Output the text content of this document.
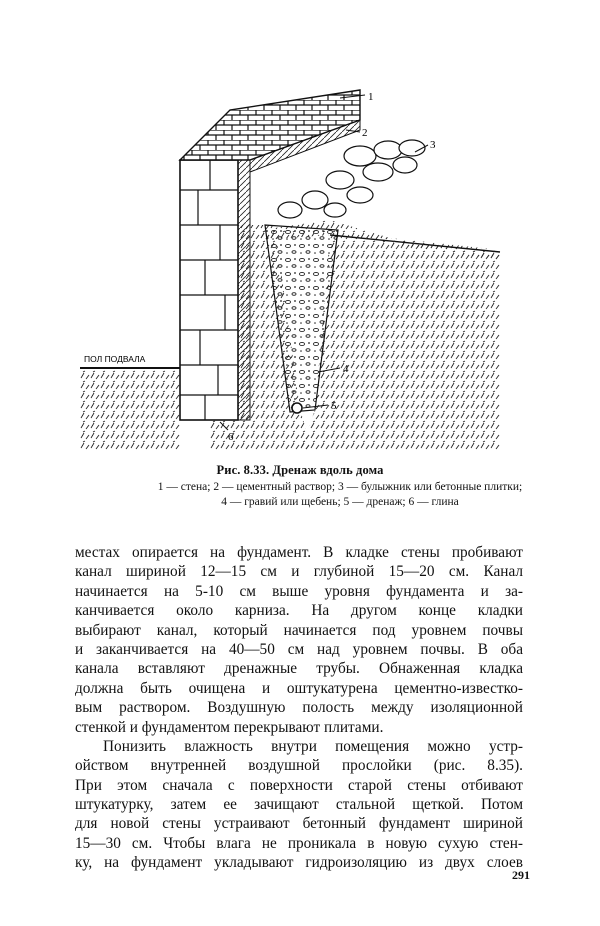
1
2
3
4
5
6
ПОЛ ПОДВАЛА
Рис. 8.33. Дренаж вдоль дома
1 — стена; 2 — цементный раствор; 3 — булыжник или бетонные плитки;
4 — гравий или щебень; 5 — дренаж; 6 — глина
местах опирается на фундамент. В кладке стены пробивают
канал шириной 12—15 см и глубиной 15—20 см. Канал
начинается на 5-10 см выше уровня фундамента и за-
канчивается около карниза. На другом конце кладки
выбирают канал, который начинается под уровнем почвы
и заканчивается на 40—50 см над уровнем почвы. В оба
канала вставляют дренажные трубы. Обнаженная кладка
должна быть очищена и оштукатурена цементно-известко-
вым раствором. Воздушную полость между изоляционной
стенкой и фундаментом перекрывают плитами.
Понизить влажность внутри помещения можно устр-
ойством внутренней воздушной прослойки (рис. 8.35).
При этом сначала с поверхности старой стены отбивают
штукатурку, затем ее зачищают стальной щеткой. Потом
для новой стены устраивают бетонный фундамент шириной
15—30 см. Чтобы влага не проникала в новую сухую стен-
ку, на фундамент укладывают гидроизоляцию из двух слоев
291
